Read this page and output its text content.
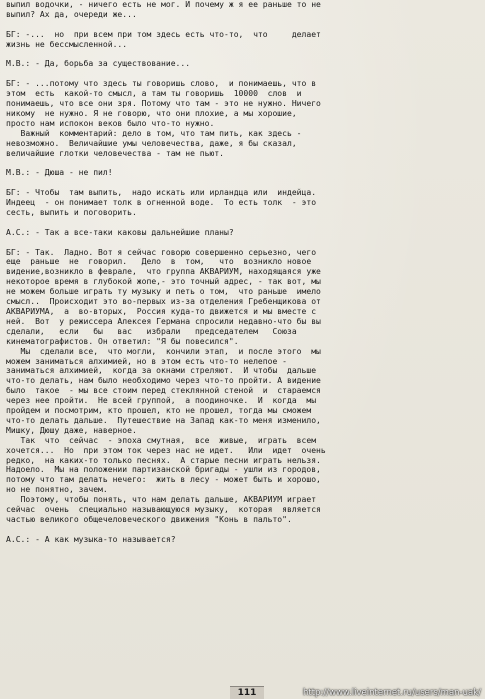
выпил водочки, - ничего есть не мог. И почему ж я ее раньше то не
выпил? Ах да, очереди же...
БГ: -...  но  при всем при том здесь есть что-то,  что     делает
жизнь не бессмысленной...
М.В.: - Да, борьба за существование...
БГ: - ...потому что здесь ты говоришь слово,  и понимаешь, что в
этом  есть  какой-то смысл, а там ты говоришь  10000  слов  и
понимаешь, что все они зря. Потому что там - это не нужно. Ничего
никому  не нужно. Я не говорю, что они плохие, а мы хорошие,
просто нам испокон веков было что-то нужно.
Важный  комментарий: дело в том, что там пить, как здесь -
невозможно.  Величайшие умы человечества, даже, я бы сказал,
величайшие глотки человечества - там не пьют.
М.В.: - Дюша - не пил!
БГ: - Чтобы  там выпить,  надо искать или ирландца или  индейца.
Индеец  - он понимает толк в огненной воде.  То есть толк  - это
сесть, выпить и поговорить.
А.С.: - Так а все-таки каковы дальнейшие планы?
БГ: - Так.  Ладно. Вот я сейчас говорю совершенно серьезно, чего
еще  раньше  не  говорил.   Дело  в  том,   что  возникло новое
видение,возникло в феврале,  что группа АКВАРИУМ, находящаяся уже
некоторое время в глубокой жопе,- это точный адрес, - так вот, мы
не можем больше играть ту музыку и петь о том,  что раньше  имело
смысл..  Происходит это во-первых из-за отделения Гребенщикова от
АКВАРИУМА,  а  во-вторых,  Россия куда-то движется и мы вместе с
ней.  Вот  у режиссера Алексея Германа спросили недавно-что бы вы
сделали,   если   бы   вас   избрали   председателем   Союза
кинематографистов. Он ответил: "Я бы повесился".
Мы  сделали все,  что могли,  кончили этап,  и после этого  мы
можем заниматься алхимией, но в этом есть что-то нелепое -
заниматься алхимией,  когда за окнами стреляют.  И чтобы  дальше
что-то делать, нам было необходимо через что-то пройти. А видение
было  такое  - мы все стоим перед стеклянной стеной  и  стараемся
через нее пройти.  Не всей группой,  а поодиночке.  И  когда  мы
пройдем и посмотрим, кто прошел, кто не прошел, тогда мы сможем
что-то делать дальше.  Путешествие на Запад как-то меня изменило,
Мишку, Дюшу даже, наверное.
Так  что  сейчас  - эпоха смутная,  все  живые,  играть  всем
хочется...  Но  при этом ток через нас не идет.   Или  идет  очень
редко,  на каких-то только песнях.  А старые песни играть нельзя.
Надоело.  Мы на положении партизанской бригады - ушли из городов,
потому что там делать нечего:  жить в лесу - может быть и хорошо,
но не понятно, зачем.
Поэтому, чтобы понять, что нам делать дальше, АКВАРИУМ играет
сейчас  очень  специально называющуюся музыку,  которая  является
частью великого общечеловеческого движения "Конь в пальто".
А.С.: - А как музыка-то называется?
111	http://www.liveinternet.ru/users/man-uak/
